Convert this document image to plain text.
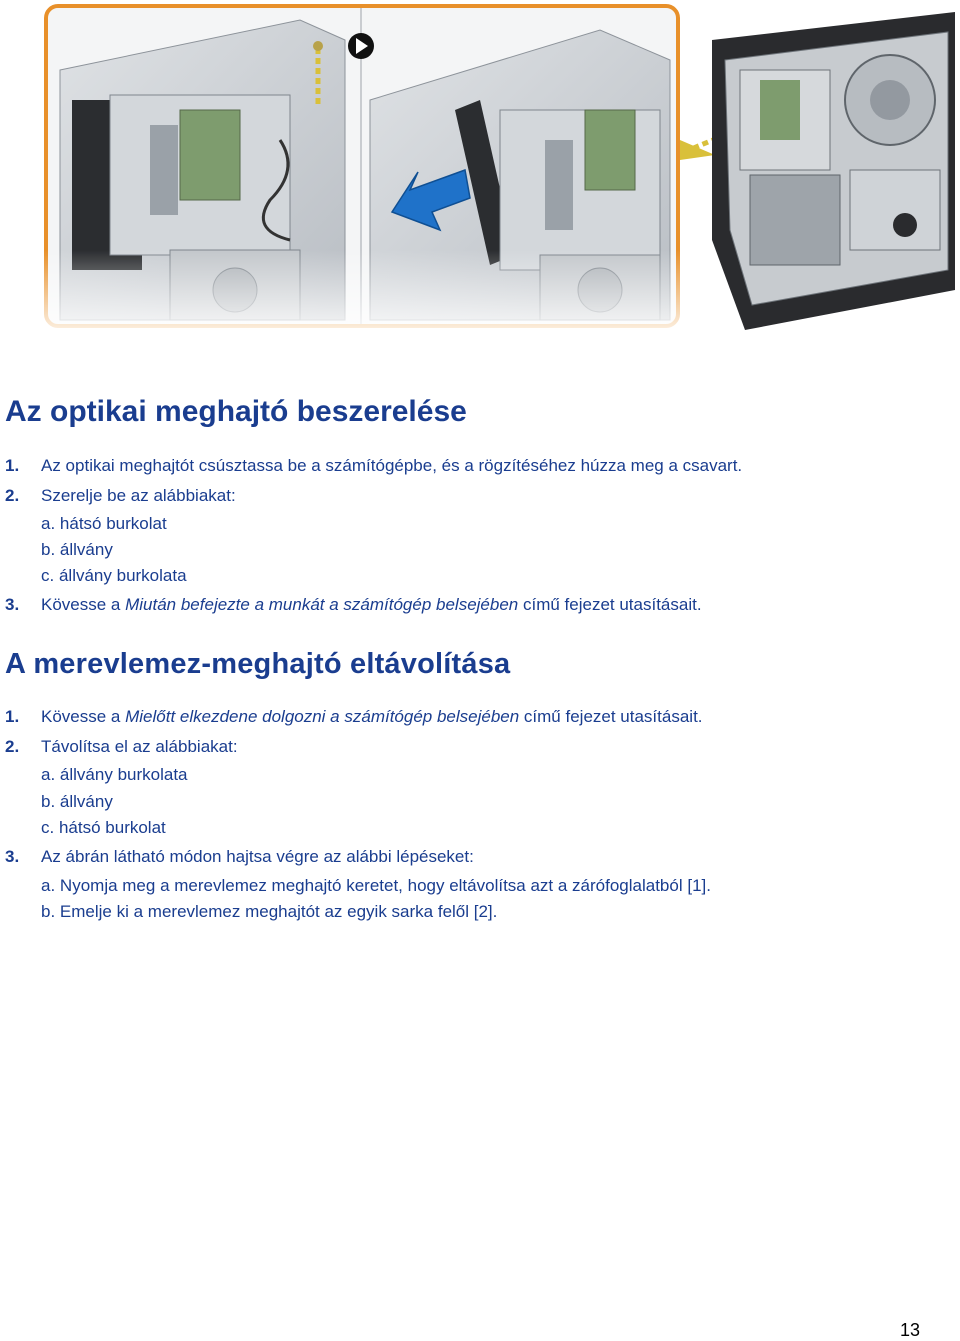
Az optikai meghajtó beszerelése
1. Az optikai meghajtót csúsztassa be a számítógépbe, és a rögzítéséhez húzza meg a csavart.
2. Szerelje be az alábbiakat:
a. hátsó burkolat
b. állvány
c. állvány burkolata
3. Kövesse a Miután befejezte a munkát a számítógép belsejében című fejezet utasításait.
A merevlemez-meghajtó eltávolítása
1. Kövesse a Mielőtt elkezdene dolgozni a számítógép belsejében című fejezet utasításait.
2. Távolítsa el az alábbiakat:
a. állvány burkolata
b. állvány
c. hátsó burkolat
3. Az ábrán látható módon hajtsa végre az alábbi lépéseket:
a. Nyomja meg a merevlemez meghajtó keretet, hogy eltávolítsa azt a zárófoglalatból [1].
b. Emelje ki a merevlemez meghajtót az egyik sarka felől [2].
13
